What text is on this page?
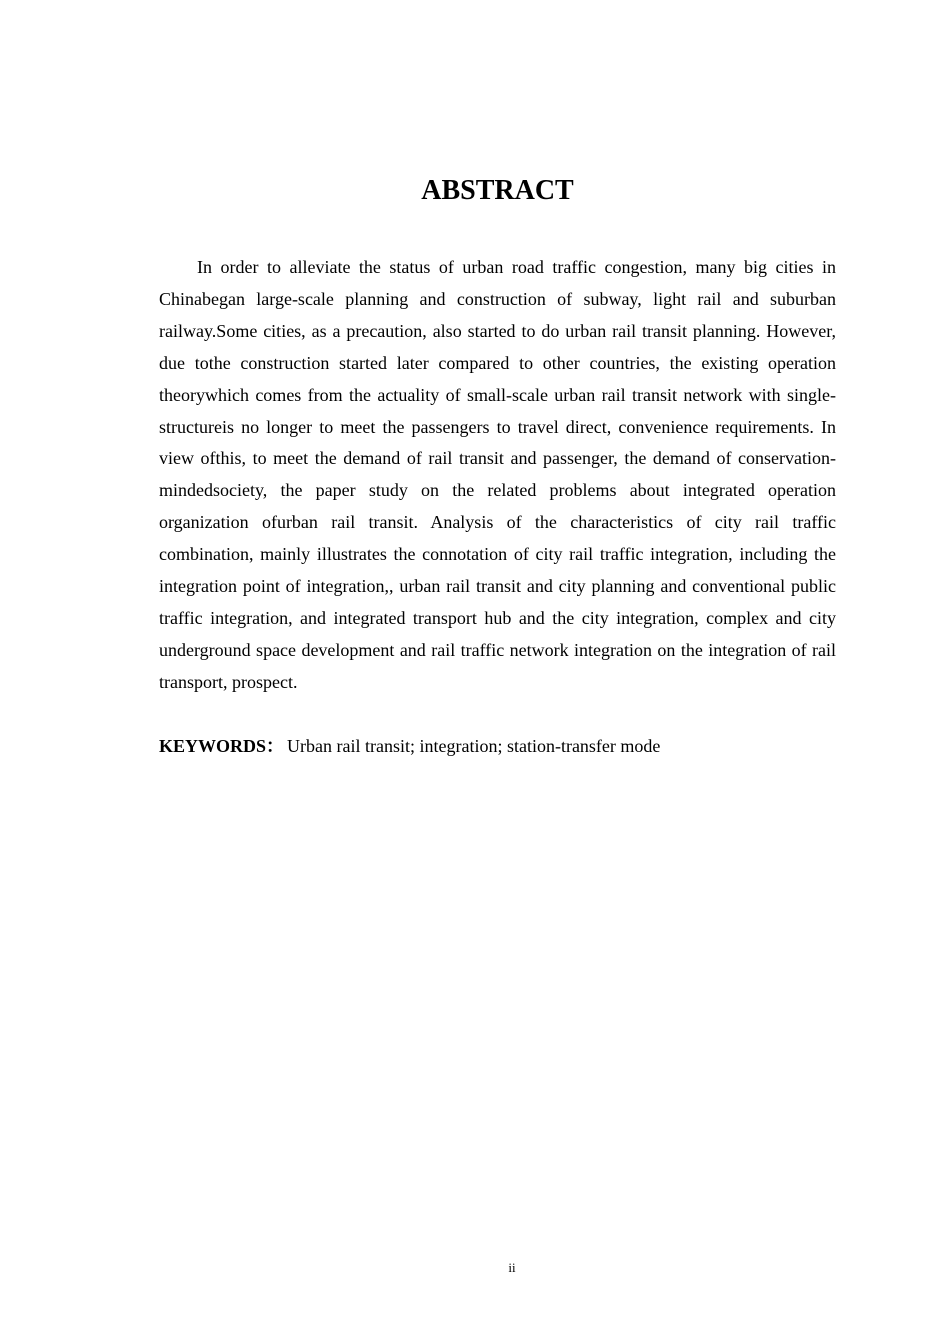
ABSTRACT

In order to alleviate the status of urban road traffic congestion, many big cities in Chinabegan large-scale planning and construction of subway, light rail and suburban railway.Some cities, as a precaution, also started to do urban rail transit planning. However, due tothe construction started later compared to other countries, the existing operation theorywhich comes from the actuality of small-scale urban rail transit network with single-structureis no longer to meet the passengers to travel direct, convenience requirements. In view ofthis, to meet the demand of rail transit and passenger, the demand of conservation-mindedsociety, the paper study on the related problems about integrated operation organization ofurban rail transit. Analysis of the characteristics of city rail traffic combination, mainly illustrates the connotation of city rail traffic integration, including the integration point of integration,, urban rail transit and city planning and conventional public traffic integration, and integrated transport hub and the city integration, complex and city underground space development and rail traffic network integration on the integration of rail transport, prospect.

KEYWORDS： Urban rail transit; integration; station-transfer mode

ii
